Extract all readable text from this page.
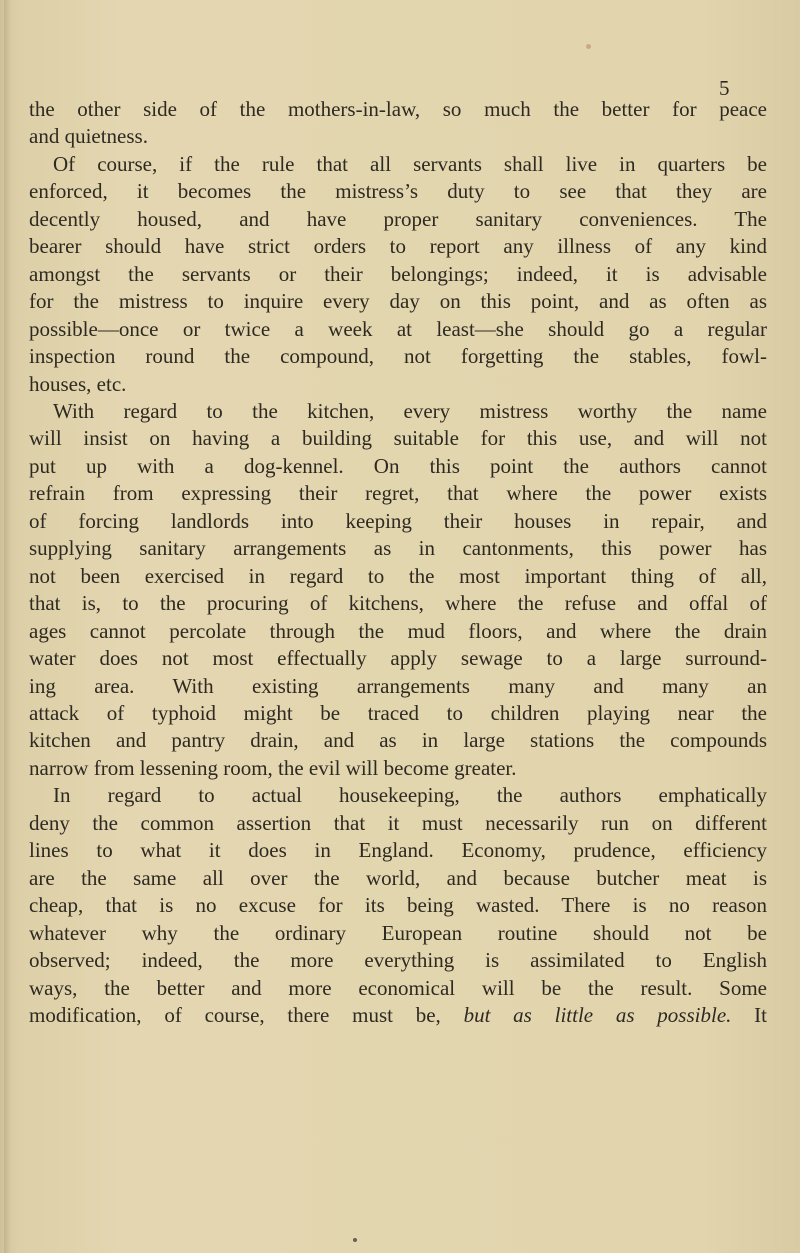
5
the other side of the mothers-in-law, so much the better for peace
and quietness.
Of course, if the rule that all servants shall live in quarters be
enforced, it becomes the mistress’s duty to see that they are
decently housed, and have proper sanitary conveniences. The
bearer should have strict orders to report any illness of any kind
amongst the servants or their belongings; indeed, it is advisable
for the mistress to inquire every day on this point, and as often as
possible—once or twice a week at least—she should go a regular
inspection round the compound, not forgetting the stables, fowl-
houses, etc.
With regard to the kitchen, every mistress worthy the name
will insist on having a building suitable for this use, and will not
put up with a dog-kennel. On this point the authors cannot
refrain from expressing their regret, that where the power exists
of forcing landlords into keeping their houses in repair, and
supplying sanitary arrangements as in cantonments, this power has
not been exercised in regard to the most important thing of all,
that is, to the procuring of kitchens, where the refuse and offal of
ages cannot percolate through the mud floors, and where the drain
water does not most effectually apply sewage to a large surround-
ing area. With existing arrangements many and many an
attack of typhoid might be traced to children playing near the
kitchen and pantry drain, and as in large stations the compounds
narrow from lessening room, the evil will become greater.
In regard to actual housekeeping, the authors emphatically
deny the common assertion that it must necessarily run on different
lines to what it does in England. Economy, prudence, efficiency
are the same all over the world, and because butcher meat is
cheap, that is no excuse for its being wasted. There is no reason
whatever why the ordinary European routine should not be
observed; indeed, the more everything is assimilated to English
ways, the better and more economical will be the result. Some
modification, of course, there must be, but as little as possible. It
